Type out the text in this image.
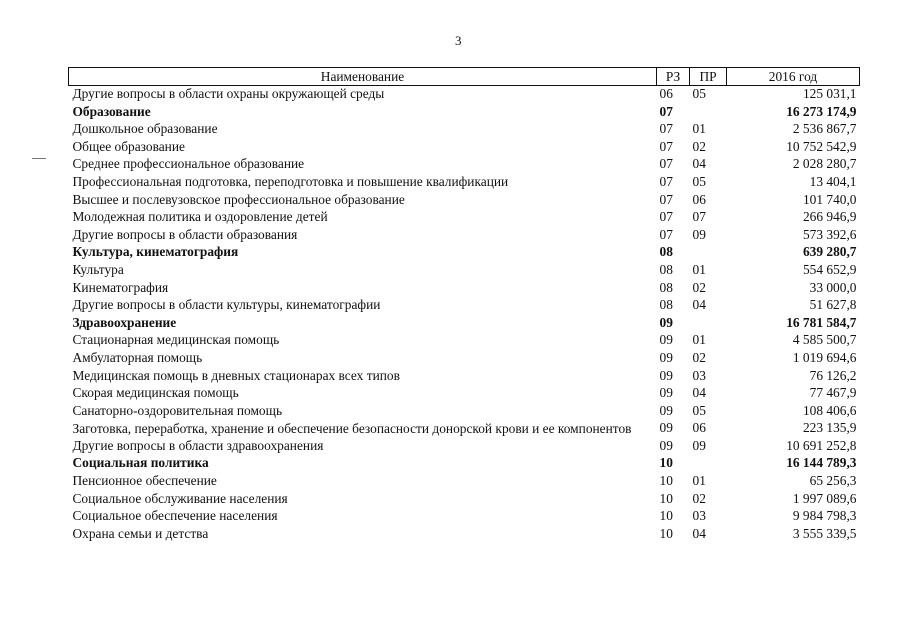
3
Наименование	РЗ	ПР	2016 год
Другие вопросы в области охраны окружающей среды	06	05	125 031,1
Образование	07		16 273 174,9
Дошкольное образование	07	01	2 536 867,7
Общее образование	07	02	10 752 542,9
Среднее профессиональное образование	07	04	2 028 280,7
Профессиональная подготовка, переподготовка и повышение квалификации	07	05	13 404,1
Высшее и послевузовское профессиональное образование	07	06	101 740,0
Молодежная политика и оздоровление детей	07	07	266 946,9
Другие вопросы в области образования	07	09	573 392,6
Культура, кинематография	08		639 280,7
Культура	08	01	554 652,9
Кинематография	08	02	33 000,0
Другие вопросы в области культуры, кинематографии	08	04	51 627,8
Здравоохранение	09		16 781 584,7
Стационарная медицинская помощь	09	01	4 585 500,7
Амбулаторная помощь	09	02	1 019 694,6
Медицинская помощь в дневных стационарах всех типов	09	03	76 126,2
Скорая медицинская помощь	09	04	77 467,9
Санаторно-оздоровительная помощь	09	05	108 406,6
Заготовка, переработка, хранение и обеспечение безопасности донорской крови и ее компонентов	09	06	223 135,9
Другие вопросы в области здравоохранения	09	09	10 691 252,8
Социальная политика	10		16 144 789,3
Пенсионное обеспечение	10	01	65 256,3
Социальное обслуживание населения	10	02	1 997 089,6
Социальное обеспечение населения	10	03	9 984 798,3
Охрана семьи и детства	10	04	3 555 339,5
